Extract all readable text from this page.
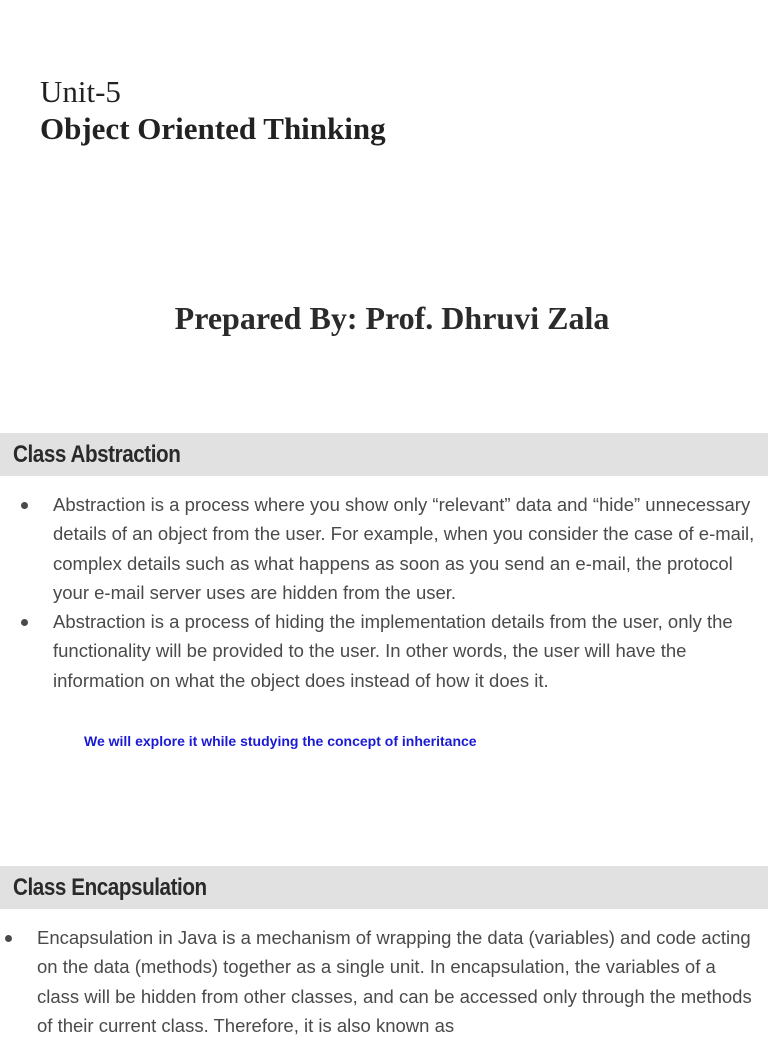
Unit-5
Object Oriented Thinking
Prepared By: Prof. Dhruvi Zala
Class Abstraction
Abstraction is a process where you show only “relevant” data and “hide” unnecessary details of an object from the user. For example, when you consider the case of e-mail, complex details such as what happens as soon as you send an e-mail, the protocol your e-mail server uses are hidden from the user.
Abstraction is a process of hiding the implementation details from the user, only the functionality will be provided to the user. In other words, the user will have the information on what the object does instead of how it does it.
We will explore it while studying the concept of inheritance
Class Encapsulation
Encapsulation in Java is a mechanism of wrapping the data (variables) and code acting on the data (methods) together as a single unit. In encapsulation, the variables of a class will be hidden from other classes, and can be accessed only through the methods of their current class. Therefore, it is also known as
